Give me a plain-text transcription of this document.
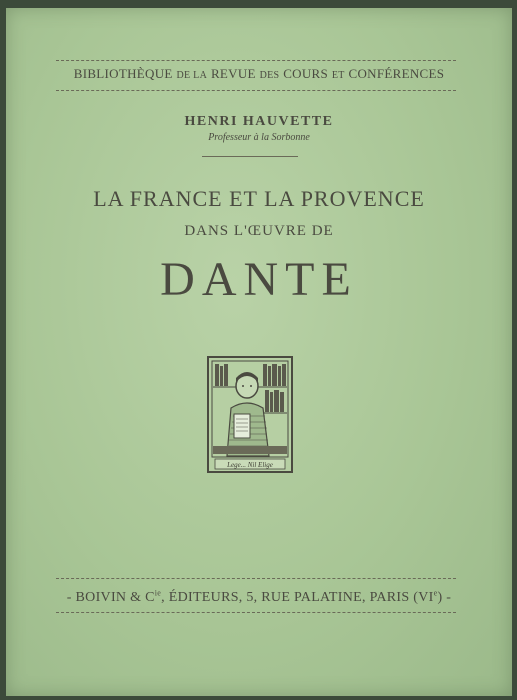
BIBLIOTHÈQUE DE LA REVUE DES COURS ET CONFÉRENCES
HENRI HAUVETTE
Professeur à la Sorbonne
LA FRANCE ET LA PROVENCE
DANS L'ŒUVRE DE
DANTE
Lege... Nil Elige
- BOIVIN & $C^{ie}$, ÉDITEURS, 5, RUE PALATINE, PARIS (VIe) -
